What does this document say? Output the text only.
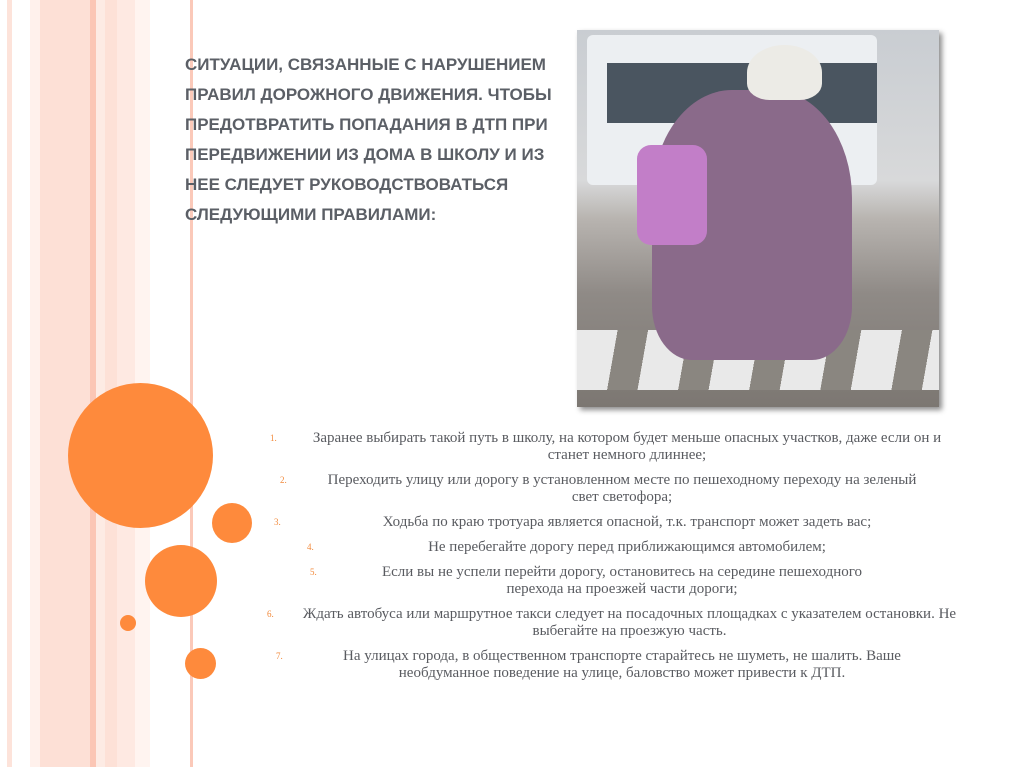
СИТУАЦИИ, СВЯЗАННЫЕ С НАРУШЕНИЕМ ПРАВИЛ ДОРОЖНОГО ДВИЖЕНИЯ. ЧТОБЫ ПРЕДОТВРАТИТЬ ПОПАДАНИЯ В ДТП ПРИ ПЕРЕДВИЖЕНИИ ИЗ ДОМА В ШКОЛУ И ИЗ НЕЕ СЛЕДУЕТ РУКОВОДСТВОВАТЬСЯ СЛЕДУЮЩИМИ ПРАВИЛАМИ:
1. Заранее выбирать такой путь в школу, на котором будет меньше опасных участков, даже если он и станет немного длиннее;
2.	Переходить улицу или дорогу в установленном месте по пешеходному переходу на зеленый свет светофора;
3.	Ходьба по краю тротуара является опасной, т.к. транспорт может задеть вас;
4.	Не перебегайте дорогу перед приближающимся автомобилем;
5.	Если вы не успели перейти дорогу, остановитесь на середине пешеходного перехода на проезжей части дороги;
6. Ждать автобуса или маршрутное такси следует на посадочных площадках с указателем остановки. Не выбегайте на проезжую часть.
7.	На улицах города, в общественном транспорте старайтесь не шуметь, не шалить. Ваше необдуманное поведение на улице, баловство может привести к ДТП.
